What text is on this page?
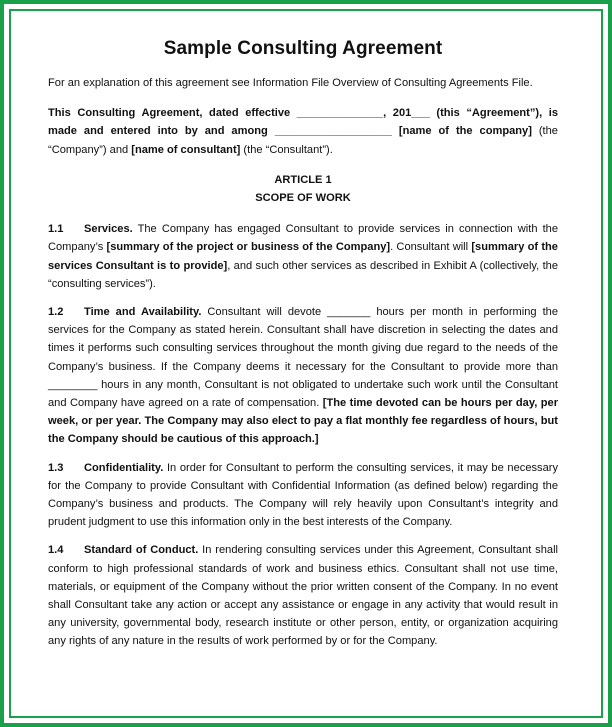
Sample Consulting Agreement

For an explanation of this agreement see Information File Overview of Consulting Agreements File.

This Consulting Agreement, dated effective ______________, 201___ (this “Agreement”), is made and entered into by and among ___________________ [name of the company] (the “Company”) and [name of consultant] (the “Consultant”).

ARTICLE 1

SCOPE OF WORK

1.1 Services. The Company has engaged Consultant to provide services in connection with the Company’s [summary of the project or business of the Company]. Consultant will [summary of the services Consultant is to provide], and such other services as described in Exhibit A (collectively, the “consulting services”).

1.2 Time and Availability. Consultant will devote _______ hours per month in performing the services for the Company as stated herein. Consultant shall have discretion in selecting the dates and times it performs such consulting services throughout the month giving due regard to the needs of the Company’s business. If the Company deems it necessary for the Consultant to provide more than ________ hours in any month, Consultant is not obligated to undertake such work until the Consultant and Company have agreed on a rate of compensation. [The time devoted can be hours per day, per week, or per year. The Company may also elect to pay a flat monthly fee regardless of hours, but the Company should be cautious of this approach.]

1.3 Confidentiality. In order for Consultant to perform the consulting services, it may be necessary for the Company to provide Consultant with Confidential Information (as defined below) regarding the Company’s business and products. The Company will rely heavily upon Consultant’s integrity and prudent judgment to use this information only in the best interests of the Company.

1.4 Standard of Conduct. In rendering consulting services under this Agreement, Consultant shall conform to high professional standards of work and business ethics. Consultant shall not use time, materials, or equipment of the Company without the prior written consent of the Company. In no event shall Consultant take any action or accept any assistance or engage in any activity that would result in any university, governmental body, research institute or other person, entity, or organization acquiring any rights of any nature in the results of work performed by or for the Company.
